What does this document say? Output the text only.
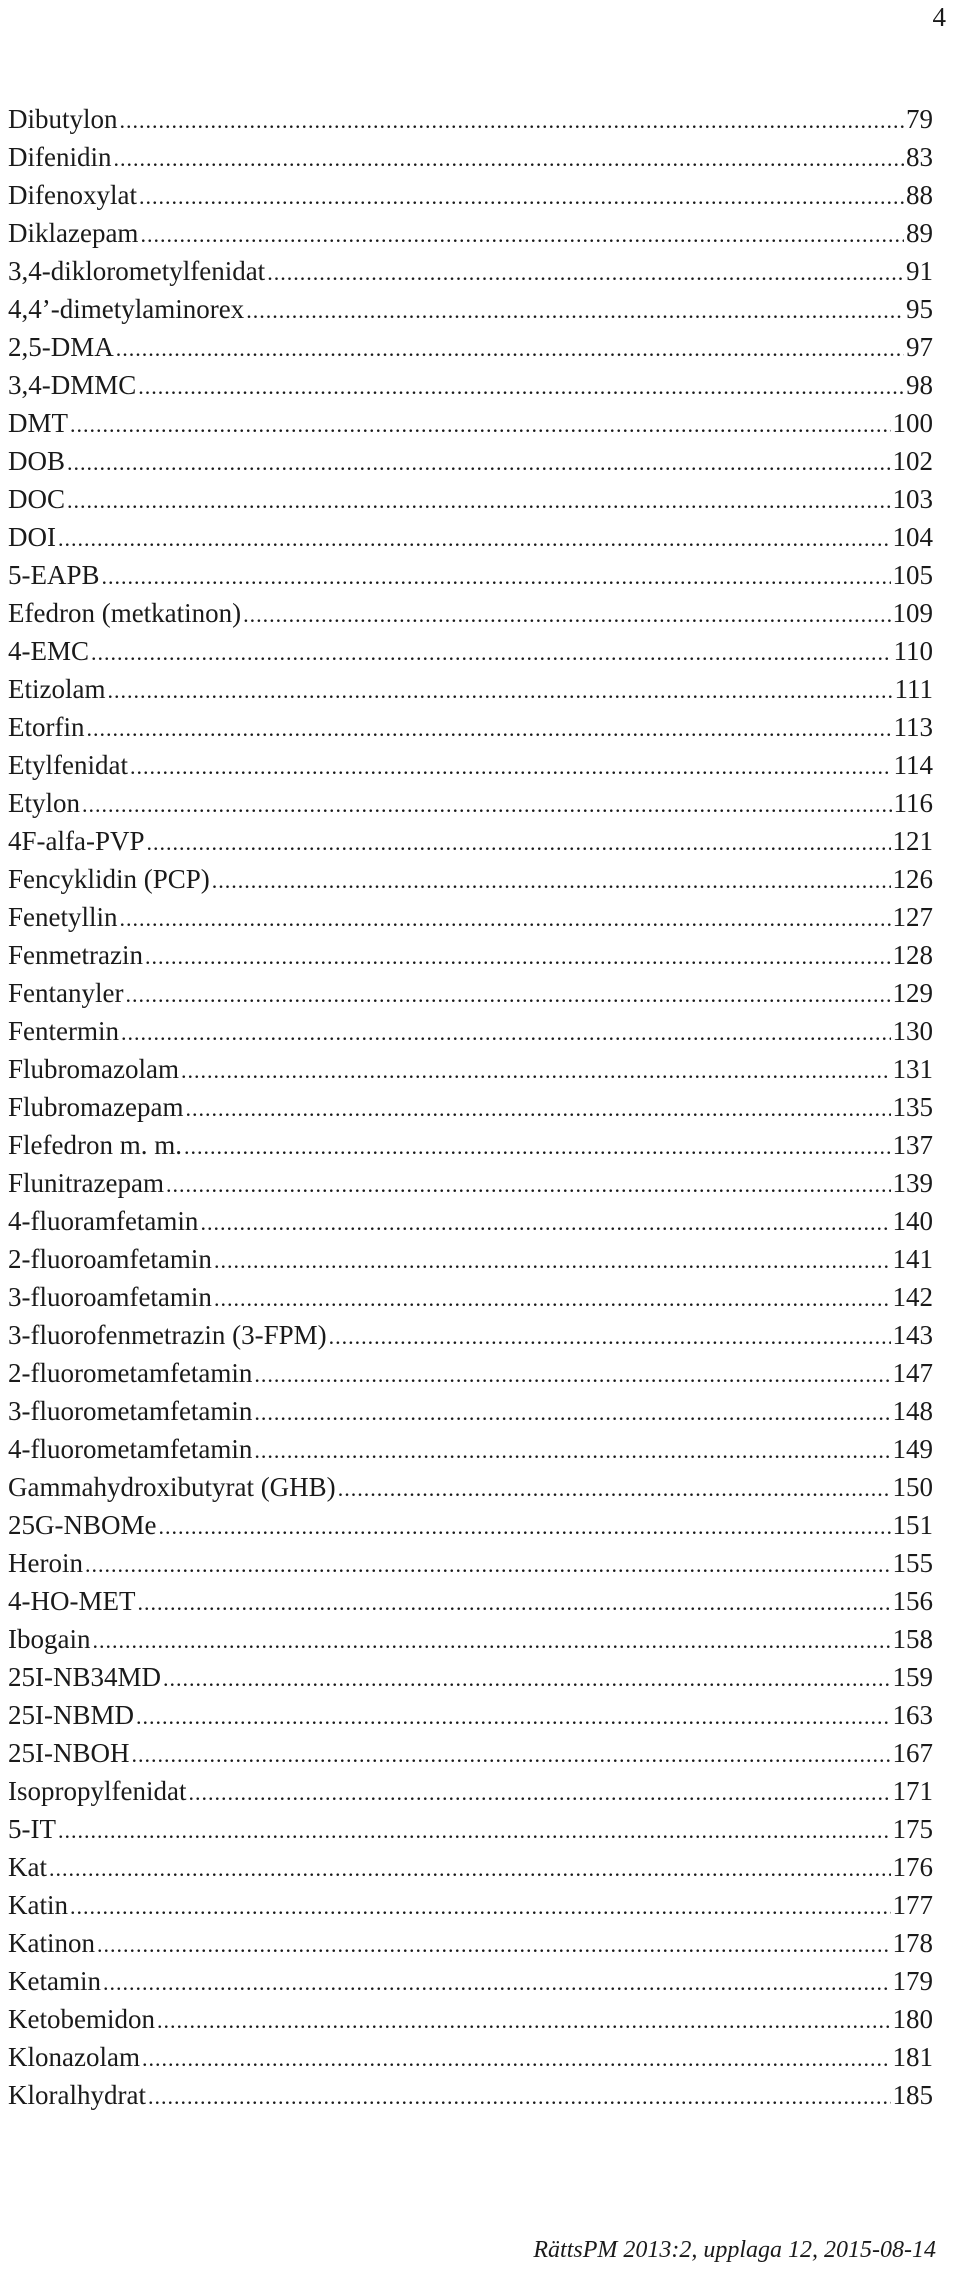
4
Dibutylon .....	79
Difenidin .....	83
Difenoxylat .....	88
Diklazepam .....	89
3,4-diklorometylfenidat .....	91
4,4’-dimetylaminorex .....	95
2,5-DMA .....	97
3,4-DMMC .....	98
DMT .....	100
DOB .....	102
DOC .....	103
DOI .....	104
5-EAPB .....	105
Efedron (metkatinon) .....	109
4-EMC .....	110
Etizolam .....	111
Etorfin .....	113
Etylfenidat .....	114
Etylon .....	116
4F-alfa-PVP .....	121
Fencyklidin (PCP) .....	126
Fenetyllin .....	127
Fenmetrazin .....	128
Fentanyler .....	129
Fentermin .....	130
Flubromazolam .....	131
Flubromazepam .....	135
Flefedron m. m. .....	137
Flunitrazepam .....	139
4-fluoramfetamin .....	140
2-fluoroamfetamin .....	141
3-fluoroamfetamin .....	142
3-fluorofenmetrazin (3-FPM) .....	143
2-fluorometamfetamin .....	147
3-fluorometamfetamin .....	148
4-fluorometamfetamin .....	149
Gammahydroxibutyrat (GHB) .....	150
25G-NBOMe .....	151
Heroin .....	155
4-HO-MET .....	156
Ibogain .....	158
25I-NB34MD .....	159
25I-NBMD .....	163
25I-NBOH .....	167
Isopropylfenidat .....	171
5-IT .....	175
Kat .....	176
Katin .....	177
Katinon .....	178
Ketamin .....	179
Ketobemidon .....	180
Klonazolam .....	181
Kloralhydrat .....	185
RättsPM 2013:2, upplaga 12, 2015-08-14
